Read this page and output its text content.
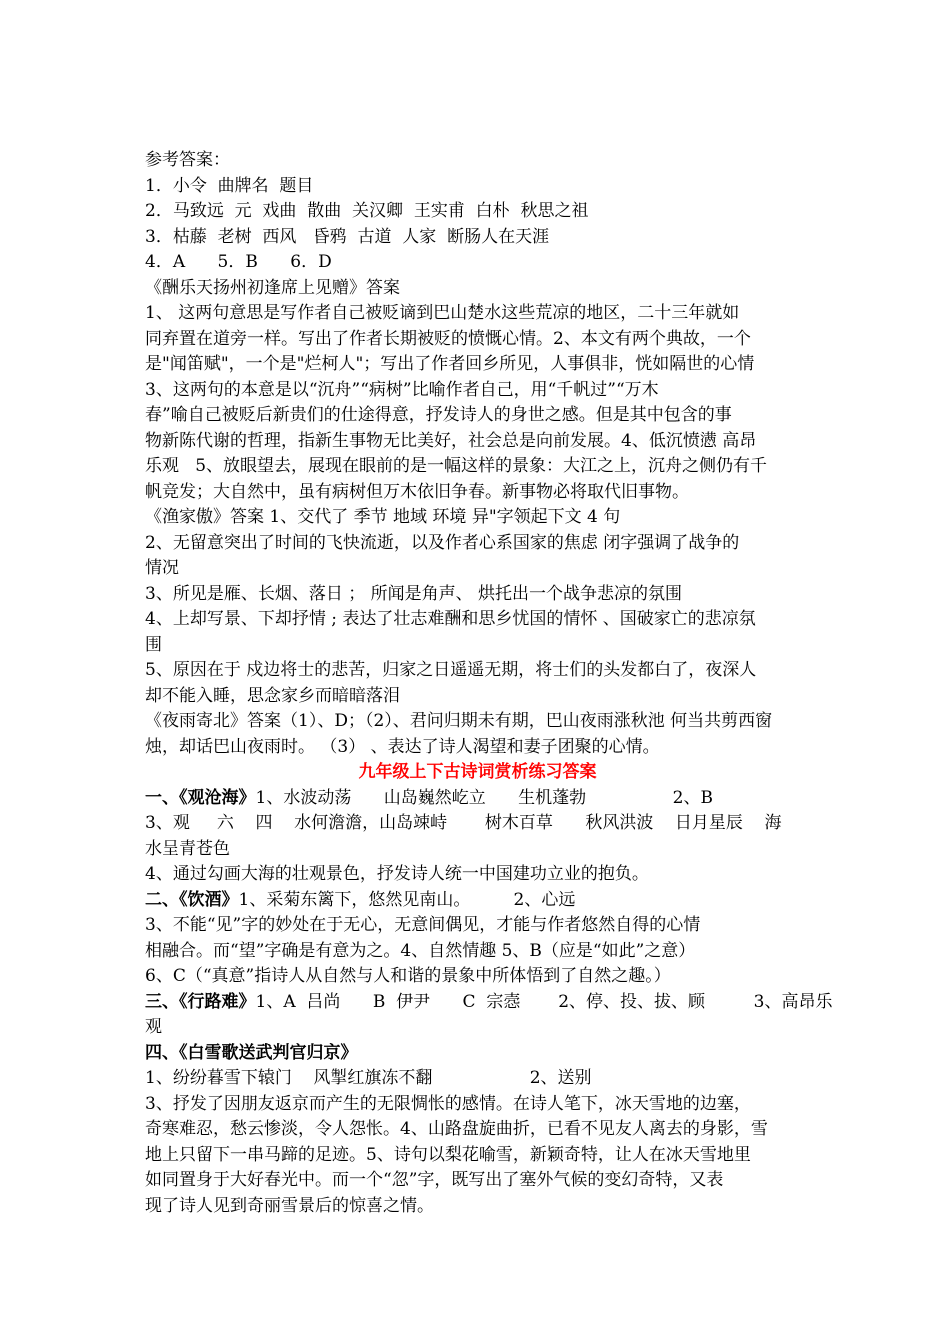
参考答案：
1．小令  曲牌名  题目
2．马致远  元  戏曲  散曲  关汉卿  王实甫  白朴  秋思之祖
3．枯藤  老树  西风   昏鸦  古道  人家  断肠人在天涯
4．A      5．B      6．D
《酬乐天扬州初逢席上见赠》答案
1、 这两句意思是写作者自己被贬谪到巴山楚水这些荒凉的地区，二十三年就如
同弃置在道旁一样。写出了作者长期被贬的愤慨心情。2、本文有两个典故，一个
是"闻笛赋"，一个是"烂柯人"；写出了作者回乡所见，人事俱非，恍如隔世的心情
3、这两句的本意是以“沉舟”“病树”比喻作者自己，用“千帆过”“万木
春”喻自己被贬后新贵们的仕途得意，抒发诗人的身世之感。但是其中包含的事
物新陈代谢的哲理，指新生事物无比美好，社会总是向前发展。4、低沉愤懑 高昂
乐观   5、放眼望去，展现在眼前的是一幅这样的景象：大江之上，沉舟之侧仍有千
帆竞发；大自然中，虽有病树但万木依旧争春。新事物必将取代旧事物。
《渔家傲》答案 1、交代了 季节 地域 环境 异"字领起下文 4 句
2、无留意突出了时间的飞快流逝，以及作者心系国家的焦虑 闭字强调了战争的
情况
3、所见是雁、长烟、落日 ； 所闻是角声、 烘托出一个战争悲凉的氛围
4、上却写景、下却抒情 ; 表达了壮志难酬和思乡忧国的情怀 、国破家亡的悲凉氛
围
5、原因在于 戍边将士的悲苦，归家之日遥遥无期，将士们的头发都白了，夜深人
却不能入睡，思念家乡而暗暗落泪
《夜雨寄北》答案（1）、D；（2）、君问归期未有期，巴山夜雨涨秋池 何当共剪西窗
烛，却话巴山夜雨时。 （3） 、表达了诗人渴望和妻子团聚的心情。
九年级上下古诗词赏析练习答案
一、《观沧海》1、水波动荡      山岛巍然屹立      生机蓬勃                2、B
3、观     六    四    水何澹澹，山岛竦峙       树木百草      秋风洪波    日月星辰    海
水呈青苍色
4、通过勾画大海的壮观景色，抒发诗人统一中国建功立业的抱负。
二、《饮酒》1、采菊东篱下，悠然见南山。        2、心远
3、不能“见”字的妙处在于无心，无意间偶见，才能与作者悠然自得的心情
相融合。而“望”字确是有意为之。4、自然情趣 5、B（应是“如此”之意）
6、C（“真意”指诗人从自然与人和谐的景象中所体悟到了自然之趣。）
三、《行路难》1、A  吕尚      B  伊尹      C  宗悫       2、停、投、拔、顾         3、高昂乐
观
四、《白雪歌送武判官归京》
1、纷纷暮雪下辕门    风掣红旗冻不翻                  2、送别
3、抒发了因朋友返京而产生的无限惆怅的感情。在诗人笔下，冰天雪地的边塞，
奇寒难忍，愁云惨淡，令人怨怅。4、山路盘旋曲折，已看不见友人离去的身影，雪
地上只留下一串马蹄的足迹。5、诗句以梨花喻雪，新颖奇特，让人在冰天雪地里
如同置身于大好春光中。而一个“忽”字，既写出了塞外气候的变幻奇特，又表
现了诗人见到奇丽雪景后的惊喜之情。
